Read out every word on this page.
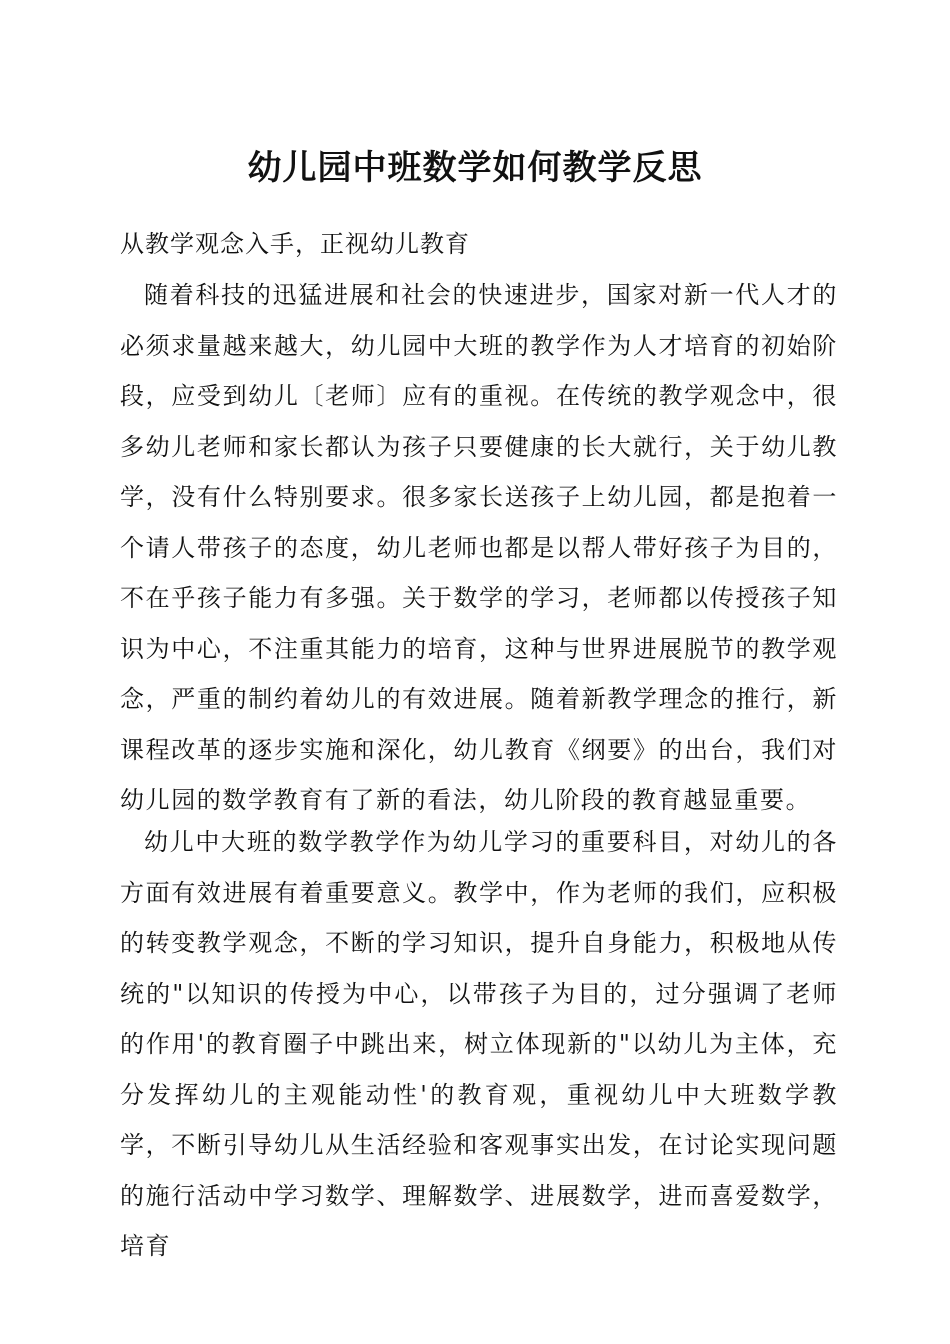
幼儿园中班数学如何教学反思
从教学观念入手，正视幼儿教育

随着科技的迅猛进展和社会的快速进步，国家对新一代人才的必须求量越来越大，幼儿园中大班的教学作为人才培育的初始阶段，应受到幼儿〔老师〕应有的重视。在传统的教学观念中，很多幼儿老师和家长都认为孩子只要健康的长大就行，关于幼儿教学，没有什么特别要求。很多家长送孩子上幼儿园，都是抱着一个请人带孩子的态度，幼儿老师也都是以帮人带好孩子为目的，不在乎孩子能力有多强。关于数学的学习，老师都以传授孩子知识为中心，不注重其能力的培育，这种与世界进展脱节的教学观念，严重的制约着幼儿的有效进展。随着新教学理念的推行，新课程改革的逐步实施和深化，幼儿教育《纲要》的出台，我们对幼儿园的数学教育有了新的看法，幼儿阶段的教育越显重要。

幼儿中大班的数学教学作为幼儿学习的重要科目，对幼儿的各方面有效进展有着重要意义。教学中，作为老师的我们，应积极的转变教学观念，不断的学习知识，提升自身能力，积极地从传统的"以知识的传授为中心，以带孩子为目的，过分强调了老师的作用'的教育圈子中跳出来，树立体现新的"以幼儿为主体，充分发挥幼儿的主观能动性'的教育观，重视幼儿中大班数学教学，不断引导幼儿从生活经验和客观事实出发，在讨论实现问题的施行活动中学习数学、理解数学、进展数学，进而喜爱数学，培育
